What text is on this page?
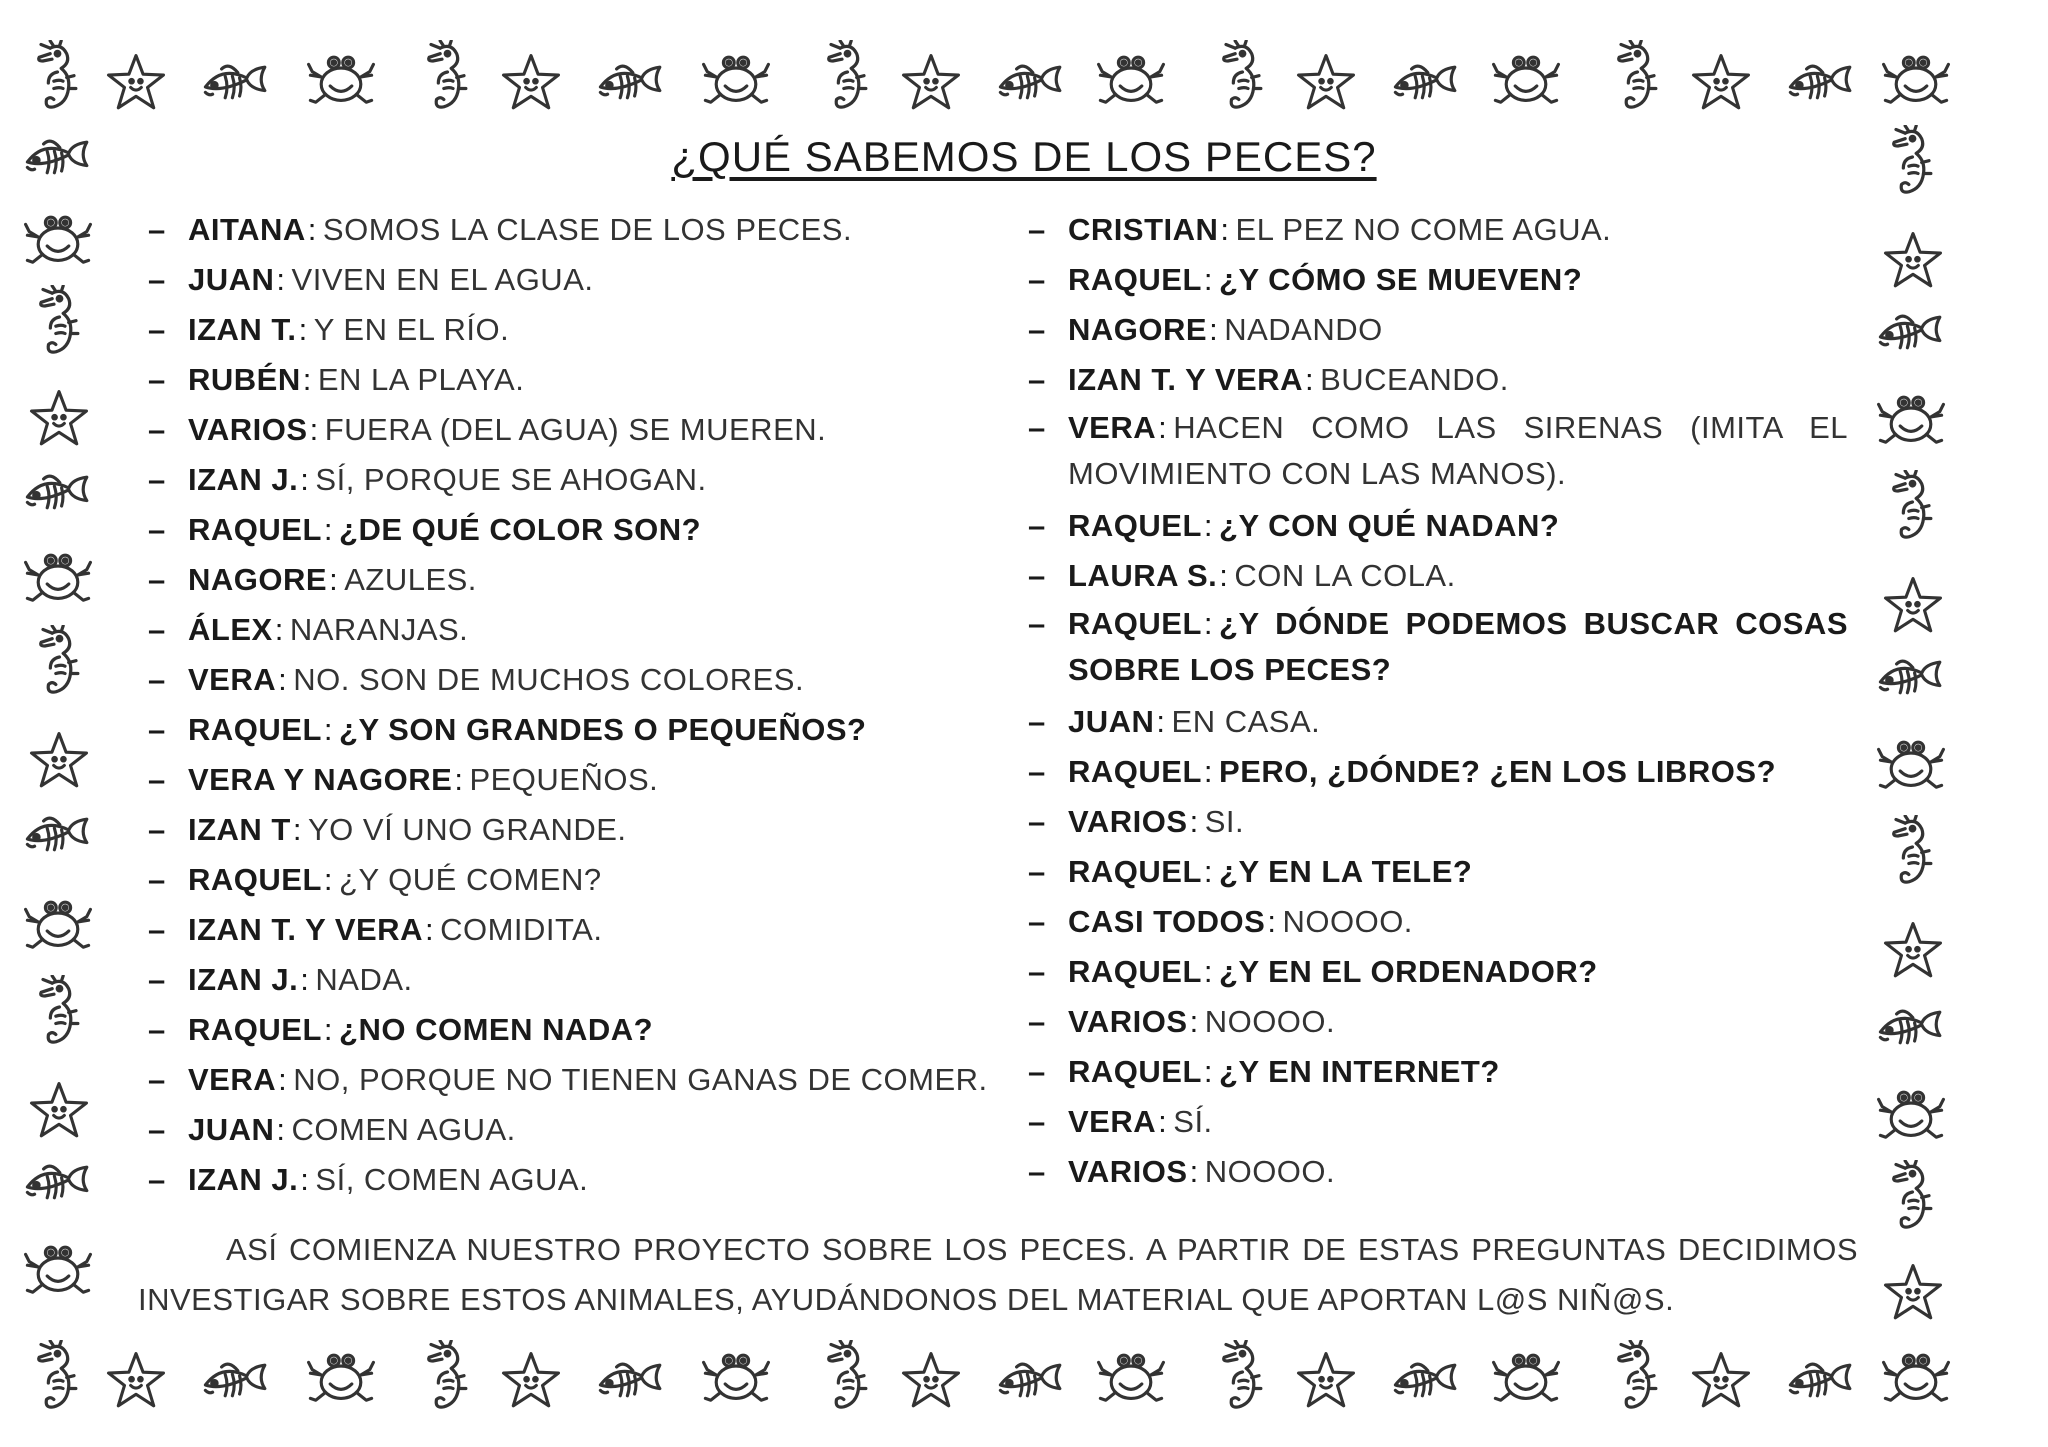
¿QUÉ SABEMOS DE LOS PECES?
– AITANA: SOMOS LA CLASE DE LOS PECES.
– JUAN: VIVEN EN EL AGUA.
– IZAN T.: Y EN EL RÍO.
– RUBÉN: EN LA PLAYA.
– VARIOS: FUERA (DEL AGUA) SE MUEREN.
– IZAN J.: SÍ, PORQUE SE AHOGAN.
– RAQUEL: ¿DE QUÉ COLOR SON?
– NAGORE: AZULES.
– ÁLEX: NARANJAS.
– VERA: NO. SON DE MUCHOS COLORES.
– RAQUEL: ¿Y SON GRANDES O PEQUEÑOS?
– VERA Y NAGORE: PEQUEÑOS.
– IZAN T: YO VÍ UNO GRANDE.
– RAQUEL: ¿Y QUÉ COMEN?
– IZAN T. Y VERA: COMIDITA.
– IZAN J.: NADA.
– RAQUEL: ¿NO COMEN NADA?
– VERA: NO, PORQUE NO TIENEN GANAS DE COMER.
– JUAN: COMEN AGUA.
– IZAN J.: SÍ, COMEN AGUA.
– CRISTIAN: EL PEZ NO COME AGUA.
– RAQUEL: ¿Y CÓMO SE MUEVEN?
– NAGORE: NADANDO
– IZAN T. Y VERA: BUCEANDO.
– VERA: HACEN COMO LAS SIRENAS (IMITA EL MOVIMIENTO CON LAS MANOS).
– RAQUEL: ¿Y CON QUÉ NADAN?
– LAURA S.: CON LA COLA.
– RAQUEL: ¿Y DÓNDE PODEMOS BUSCAR COSAS SOBRE LOS PECES?
– JUAN: EN CASA.
– RAQUEL: PERO, ¿DÓNDE? ¿EN LOS LIBROS?
– VARIOS: SI.
– RAQUEL: ¿Y EN LA TELE?
– CASI TODOS: NOOOO.
– RAQUEL: ¿Y EN EL ORDENADOR?
– VARIOS: NOOOO.
– RAQUEL: ¿Y EN INTERNET?
– VERA: SÍ.
– VARIOS: NOOOO.
ASÍ COMIENZA NUESTRO PROYECTO SOBRE LOS PECES. A PARTIR DE ESTAS PREGUNTAS DECIDIMOS INVESTIGAR SOBRE ESTOS ANIMALES, AYUDÁNDONOS DEL MATERIAL QUE APORTAN L@S NIÑ@S.
